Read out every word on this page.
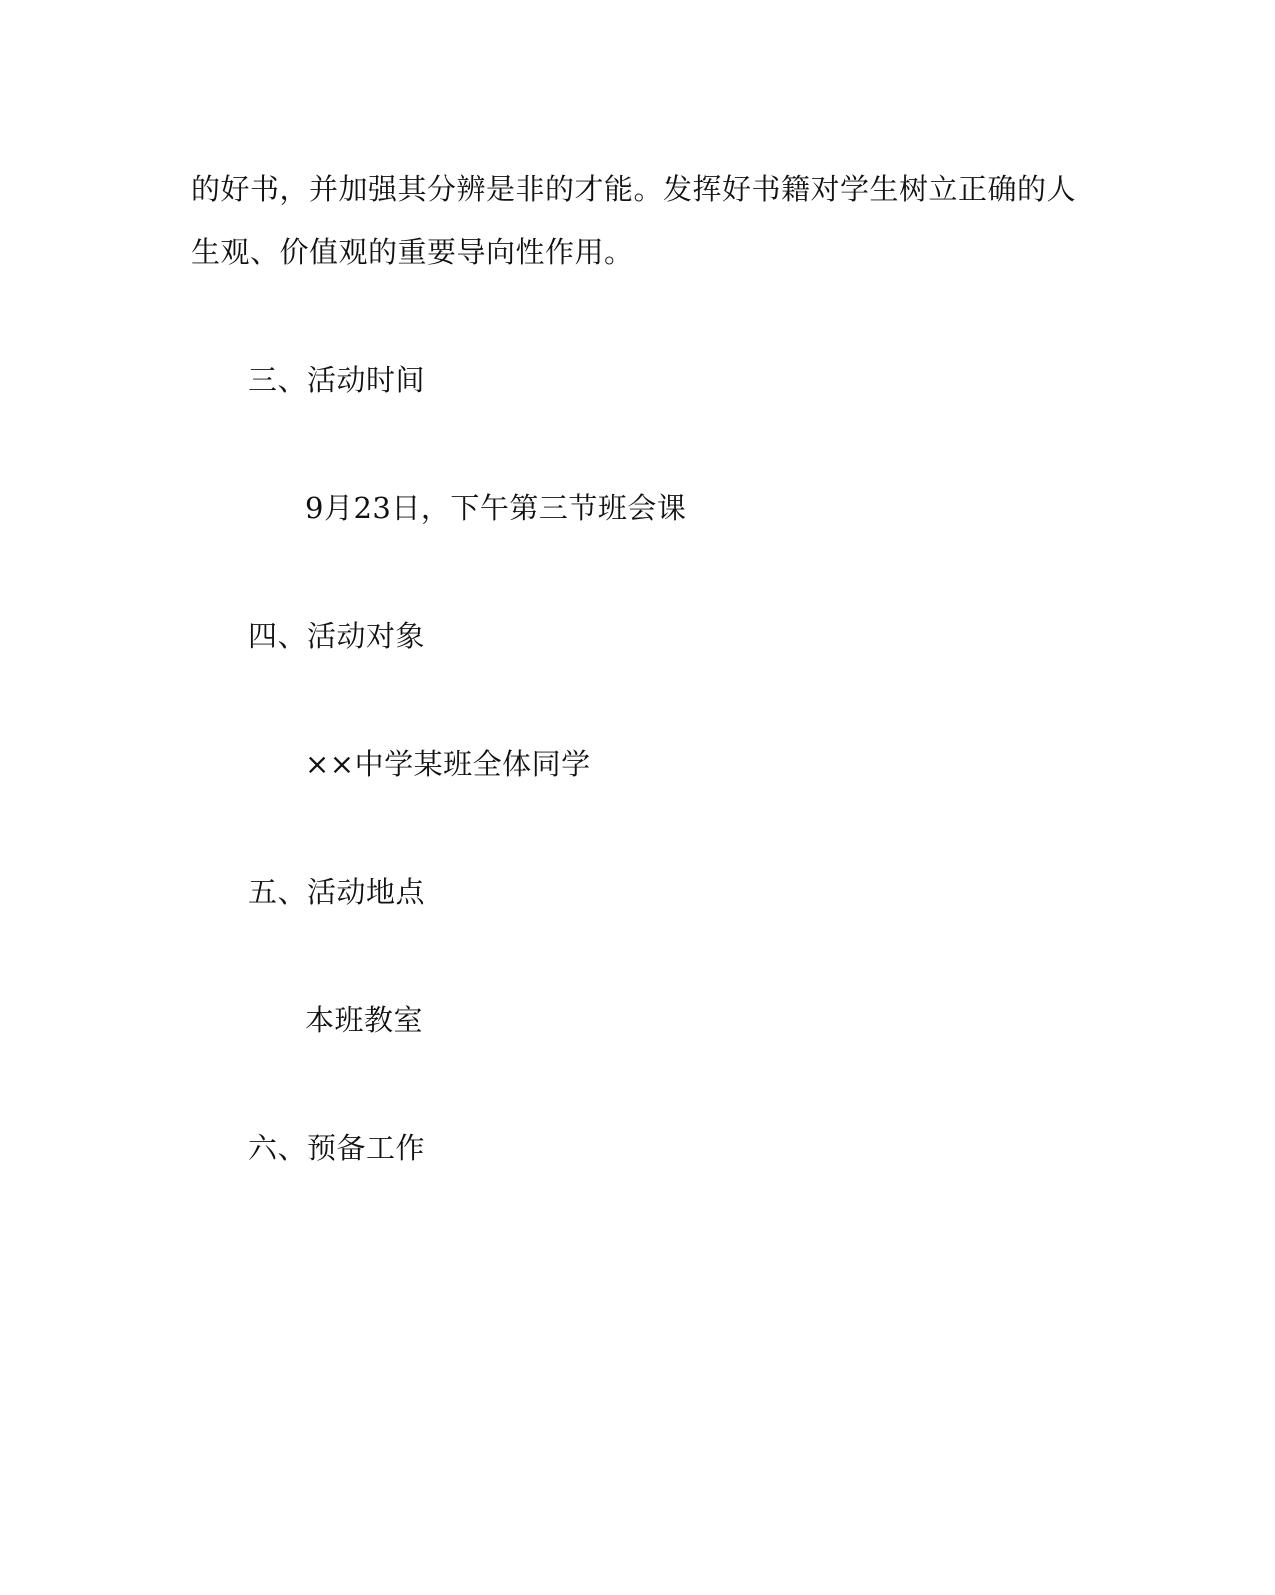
的好书，并加强其分辨是非的才能。发挥好书籍对学生树立正确的人
生观、价值观的重要导向性作用。
三、活动时间
9月23日，下午第三节班会课
四、活动对象
××中学某班全体同学
五、活动地点
本班教室
六、预备工作
